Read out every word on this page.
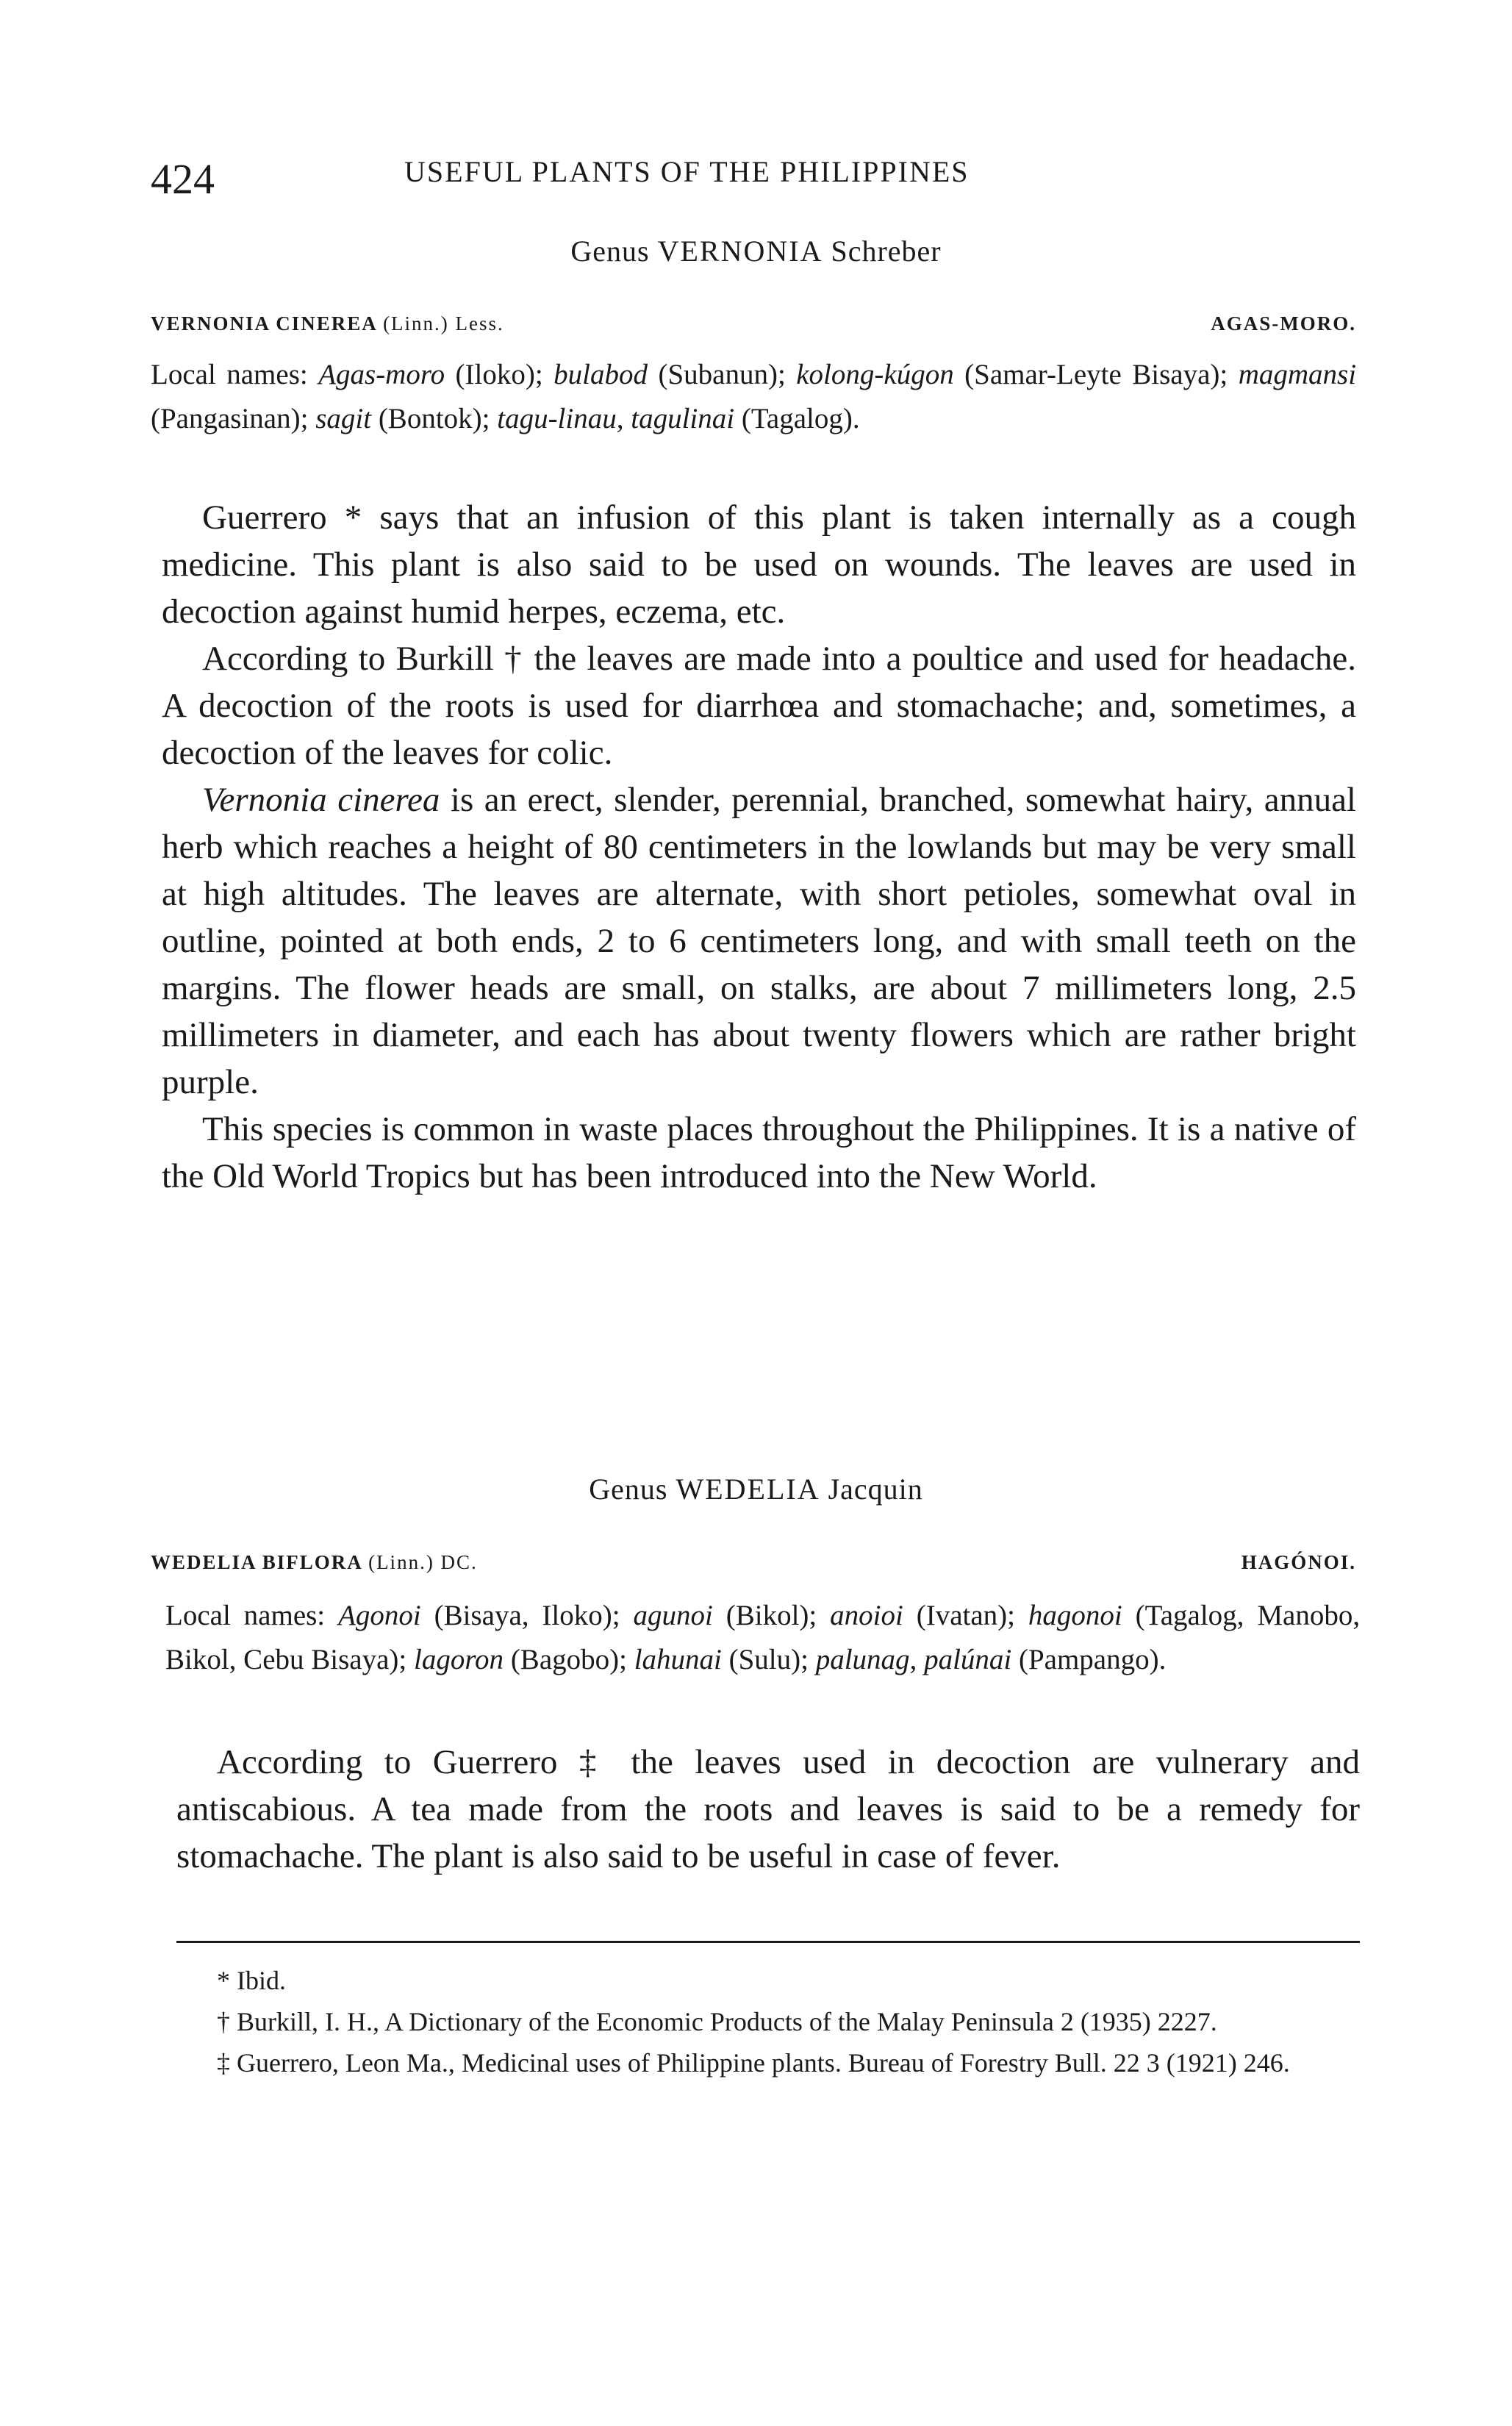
424	USEFUL PLANTS OF THE PHILIPPINES
Genus VERNONIA Schreber
VERNONIA CINEREA (Linn.) Less.	AGAS-MORO.
Local names: Agas-moro (Iloko); bulabod (Subanun); kolong-kúgon (Samar-Leyte Bisaya); magmansi (Pangasinan); sagit (Bontok); tagu-linau, tagulinai (Tagalog).

Guerrero * says that an infusion of this plant is taken internally as a cough medicine. This plant is also said to be used on wounds. The leaves are used in decoction against humid herpes, eczema, etc.

According to Burkill † the leaves are made into a poultice and used for headache. A decoction of the roots is used for diarrhœa and stomachache; and, sometimes, a decoction of the leaves for colic.

Vernonia cinerea is an erect, slender, perennial, branched, somewhat hairy, annual herb which reaches a height of 80 centimeters in the lowlands but may be very small at high altitudes. The leaves are alternate, with short petioles, somewhat oval in outline, pointed at both ends, 2 to 6 centimeters long, and with small teeth on the margins. The flower heads are small, on stalks, are about 7 millimeters long, 2.5 millimeters in diameter, and each has about twenty flowers which are rather bright purple.

This species is common in waste places throughout the Philippines. It is a native of the Old World Tropics but has been introduced into the New World.

Genus WEDELIA Jacquin
WEDELIA BIFLORA (Linn.) DC.	HAGÓNOI.
Local names: Agonoi (Bisaya, Iloko); agunoi (Bikol); anoioi (Ivatan); hagonoi (Tagalog, Manobo, Bikol, Cebu Bisaya); lagoron (Bagobo); lahunai (Sulu); palunag, palúnai (Pampango).

According to Guerrero ‡ the leaves used in decoction are vulnerary and antiscabious. A tea made from the roots and leaves is said to be a remedy for stomachache. The plant is also said to be useful in case of fever.

* Ibid.

† Burkill, I. H., A Dictionary of the Economic Products of the Malay Peninsula 2 (1935) 2227.

‡ Guerrero, Leon Ma., Medicinal uses of Philippine plants. Bureau of Forestry Bull. 22 3 (1921) 246.
